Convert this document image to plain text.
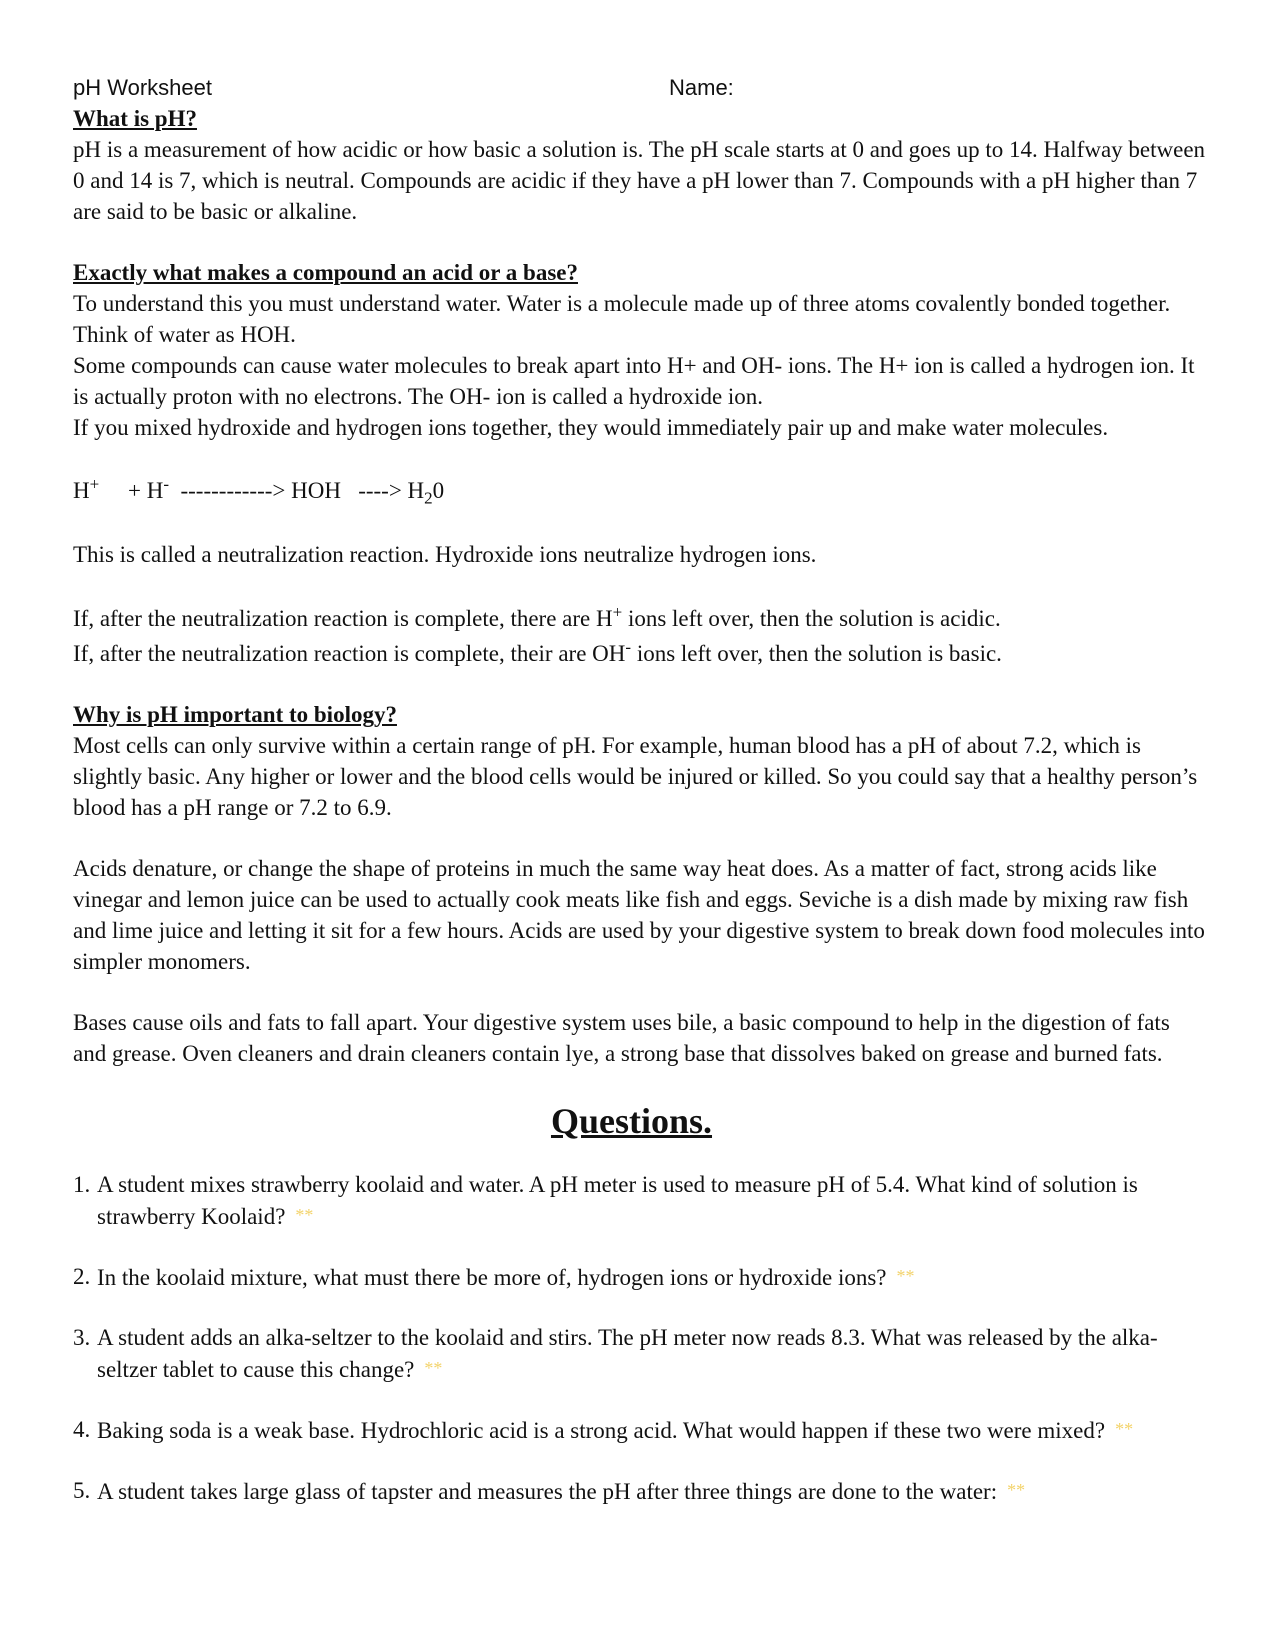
pH Worksheet	Name:

What is pH?

pH is a measurement of how acidic or how basic a solution is. The pH scale starts at 0 and goes up to 14. Halfway between 0 and 14 is 7, which is neutral. Compounds are acidic if they have a pH lower than 7. Compounds with a pH higher than 7 are said to be basic or alkaline.

Exactly what makes a compound an acid or a base?

To understand this you must understand water. Water is a molecule made up of three atoms covalently bonded together. Think of water as HOH.

Some compounds can cause water molecules to break apart into H+ and OH- ions. The H+ ion is called a hydrogen ion. It is actually proton with no electrons. The OH- ion is called a hydroxide ion.

If you mixed hydroxide and hydrogen ions together, they would immediately pair up and make water molecules.

H+ + H- ------------> HOH ----> $H_20$

This is called a neutralization reaction. Hydroxide ions neutralize hydrogen ions.

If, after the neutralization reaction is complete, there are H+ ions left over, then the solution is acidic.

If, after the neutralization reaction is complete, their are OH- ions left over, then the solution is basic.

Why is pH important to biology?

Most cells can only survive within a certain range of pH. For example, human blood has a pH of about 7.2, which is slightly basic. Any higher or lower and the blood cells would be injured or killed. So you could say that a healthy person’s blood has a pH range or 7.2 to 6.9.

Acids denature, or change the shape of proteins in much the same way heat does. As a matter of fact, strong acids like vinegar and lemon juice can be used to actually cook meats like fish and eggs. Seviche is a dish made by mixing raw fish and lime juice and letting it sit for a few hours. Acids are used by your digestive system to break down food molecules into simpler monomers.

Bases cause oils and fats to fall apart. Your digestive system uses bile, a basic compound to help in the digestion of fats and grease. Oven cleaners and drain cleaners contain lye, a strong base that dissolves baked on grease and burned fats.

Questions.
1. A student mixes strawberry koolaid and water. A pH meter is used to measure pH of 5.4. What kind of solution is strawberry Koolaid? **
2. In the koolaid mixture, what must there be more of, hydrogen ions or hydroxide ions? **
3. A student adds an alka-seltzer to the koolaid and stirs. The pH meter now reads 8.3. What was released by the alka-seltzer tablet to cause this change? **
4. Baking soda is a weak base. Hydrochloric acid is a strong acid. What would happen if these two were mixed? **
5. A student takes large glass of tapster and measures the pH after three things are done to the water: **
